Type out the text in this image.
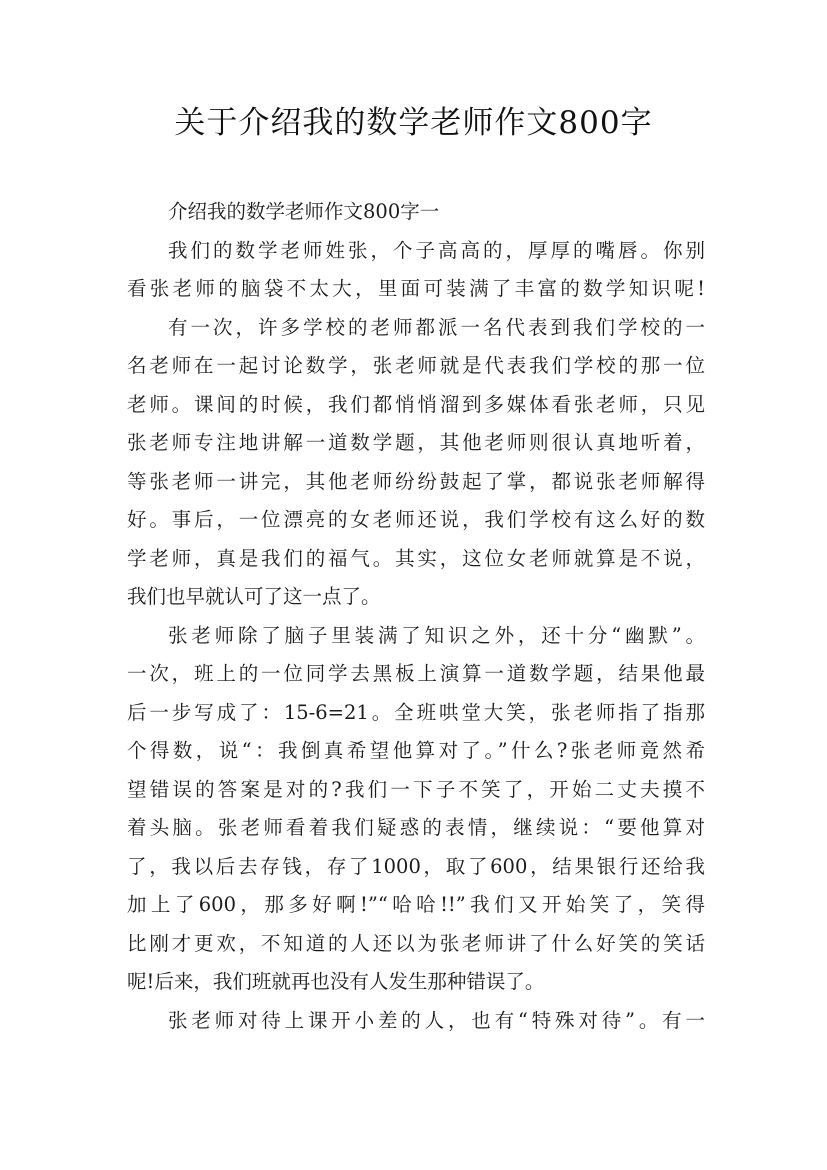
关于介绍我的数学老师作文800字
介绍我的数学老师作文800字一
我们的数学老师姓张，个子高高的，厚厚的嘴唇。你别
看张老师的脑袋不太大，里面可装满了丰富的数学知识呢!
有一次，许多学校的老师都派一名代表到我们学校的一
名老师在一起讨论数学，张老师就是代表我们学校的那一位
老师。课间的时候，我们都悄悄溜到多媒体看张老师，只见
张老师专注地讲解一道数学题，其他老师则很认真地听着，
等张老师一讲完，其他老师纷纷鼓起了掌，都说张老师解得
好。事后，一位漂亮的女老师还说，我们学校有这么好的数
学老师，真是我们的福气。其实，这位女老师就算是不说，
我们也早就认可了这一点了。
张老师除了脑子里装满了知识之外，还十分“幽默”。
一次，班上的一位同学去黑板上演算一道数学题，结果他最
后一步写成了：15-6=21。全班哄堂大笑，张老师指了指那
个得数，说“：我倒真希望他算对了。”什么?张老师竟然希
望错误的答案是对的?我们一下子不笑了，开始二丈夫摸不
着头脑。张老师看着我们疑惑的表情，继续说：“要他算对
了，我以后去存钱，存了1000，取了600，结果银行还给我
加上了600，那多好啊!”“哈哈!!”我们又开始笑了，笑得
比刚才更欢，不知道的人还以为张老师讲了什么好笑的笑话
呢!后来，我们班就再也没有人发生那种错误了。
张老师对待上课开小差的人，也有“特殊对待”。有一
